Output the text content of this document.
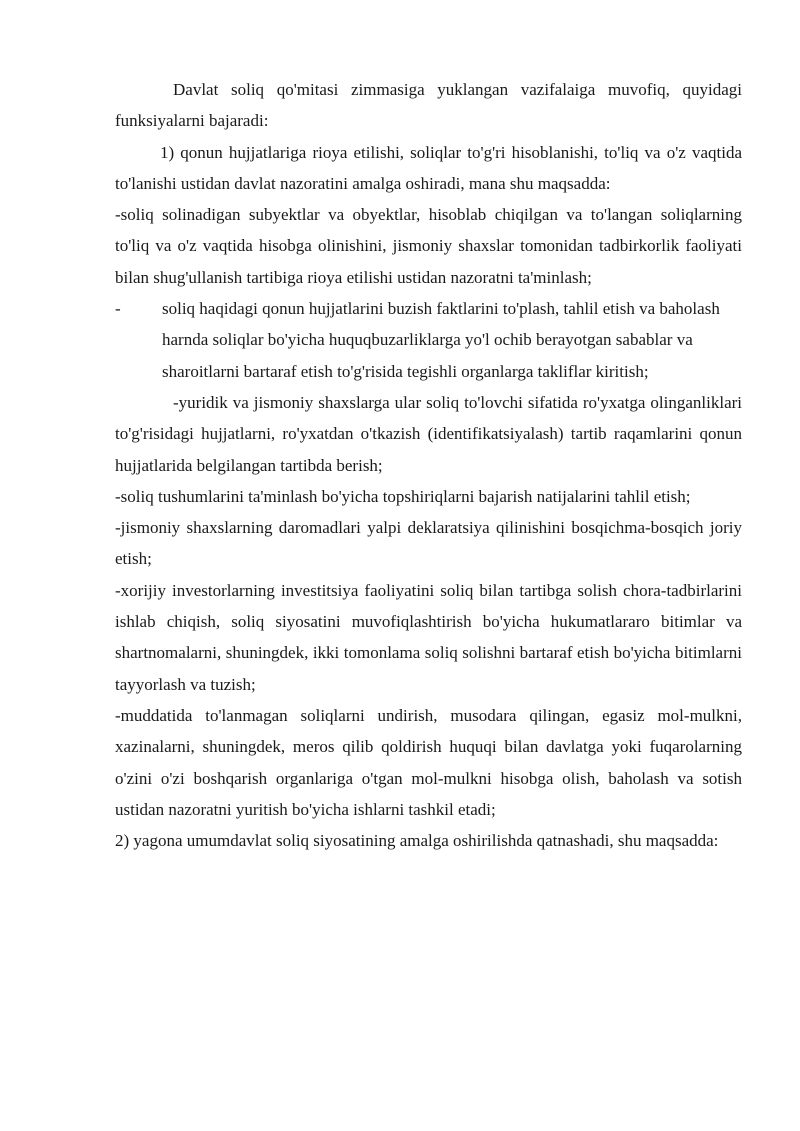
Davlat soliq qo'mitasi zimmasiga yuklangan vazifalaiga muvofiq, quyidagi funksiyalarni bajaradi:

1) qonun hujjatlariga rioya etilishi, soliqlar to'g'ri hisoblanishi, to'liq va o'z vaqtida to'lanishi ustidan davlat nazoratini amalga oshiradi, mana shu maqsadda:

-soliq solinadigan subyektlar va obyektlar, hisoblab chiqilgan va to'langan soliqlarning to'liq va o'z vaqtida hisobga olinishini, jismoniy shaxslar tomonidan tadbirkorlik faoliyati bilan shug'ullanish tartibiga rioya etilishi ustidan nazoratni ta'minlash;

-	soliq haqidagi qonun hujjatlarini buzish faktlarini to'plash, tahlil etish va baholash harnda soliqlar bo'yicha huquqbuzarliklarga yo'l ochib berayotgan sabablar va sharoitlarni bartaraf etish to'g'risida tegishli organlarga takliflar kiritish;

-yuridik va jismoniy shaxslarga ular soliq to'lovchi sifatida ro'yxatga olinganliklari to'g'risidagi hujjatlarni, ro'yxatdan o'tkazish (identifikatsiyalash) tartib raqamlarini qonun hujjatlarida belgilangan tartibda berish;

-soliq tushumlarini ta'minlash bo'yicha topshiriqlarni bajarish natijalarini tahlil etish;

-jismoniy shaxslarning daromadlari yalpi deklaratsiya qilinishini bosqichma-bosqich joriy etish;

-xorijiy investorlarning investitsiya faoliyatini soliq bilan tartibga solish chora-tadbirlarini ishlab chiqish, soliq siyosatini muvofiqlashtirish bo'yicha hukumatlararo bitimlar va shartnomalarni, shuningdek, ikki tomonlama soliq solishni bartaraf etish bo'yicha bitimlarni tayyorlash va tuzish;

-muddatida to'lanmagan soliqlarni undirish, musodara qilingan, egasiz mol-mulkni, xazinalarni, shuningdek, meros qilib qoldirish huquqi bilan davlatga yoki fuqarolarning o'zini o'zi boshqarish organlariga o'tgan mol-mulkni hisobga olish, baholash va sotish ustidan nazoratni yuritish bo'yicha ishlarni tashkil etadi;

2) yagona umumdavlat soliq siyosatining amalga oshirilishda qatnashadi, shu maqsadda:
